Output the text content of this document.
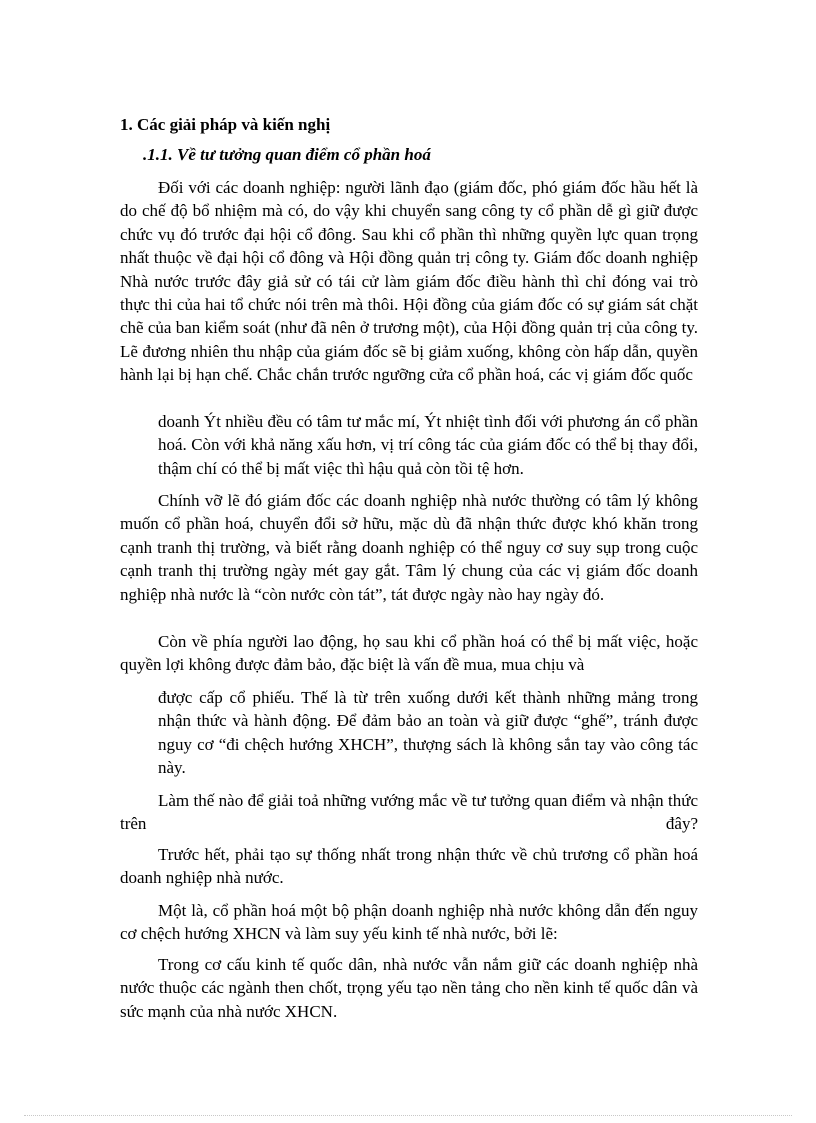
1. Các giải pháp và kiến nghị
.1.1. Về tư tưởng quan điểm cổ phần hoá

Đối với các doanh nghiệp: người lãnh đạo (giám đốc, phó giám đốc hầu hết là do chế độ bổ nhiệm mà có, do vậy khi chuyển sang công ty cổ phần dễ gì giữ được chức vụ đó trước đại hội cổ đông. Sau khi cổ phần thì những quyền lực quan trọng nhất thuộc về đại hội cổ đông và Hội đồng quản trị công ty. Giám đốc doanh nghiệp Nhà nước trước đây giả sử có tái cử làm giám đốc điều hành thì chỉ đóng vai trò thực thi của hai tổ chức nói trên mà thôi. Hội đồng của giám đốc có sự giám sát chặt chẽ của ban kiểm soát (như đã nên ở trương một), của Hội đồng quản trị của công ty. Lẽ đương nhiên thu nhập của giám đốc sẽ bị giảm xuống, không còn hấp dẫn, quyền hành lại bị hạn chế. Chắc chắn trước ngưỡng cửa cổ phần hoá, các vị giám đốc quốc

doanh Ýt nhiều đều có tâm tư mắc mí, Ýt nhiệt tình đối với phương án cổ phần hoá. Còn với khả năng xấu hơn, vị trí công tác của giám đốc có thể bị thay đổi, thậm chí có thể bị mất việc thì hậu quả còn tồi tệ hơn.

Chính vỡ lẽ đó giám đốc các doanh nghiệp nhà nước thường có tâm lý không muốn cổ phần hoá, chuyển đổi sở hữu, mặc dù đã nhận thức được khó khăn trong cạnh tranh thị trường, và biết rằng doanh nghiệp có thể nguy cơ suy sụp trong cuộc cạnh tranh thị trường ngày mét gay gắt. Tâm lý chung của các vị giám đốc doanh nghiệp nhà nước là “còn nước còn tát”, tát được ngày nào hay ngày đó.

Còn về phía người lao động, họ sau khi cổ phần hoá có thể bị mất việc, hoặc quyền lợi không được đảm bảo, đặc biệt là vấn đề mua, mua chịu và

được cấp cổ phiếu. Thế là từ trên xuống dưới kết thành những mảng trong nhận thức và hành động. Để đảm bảo an toàn và giữ được “ghế”, tránh được nguy cơ “đi chệch hướng XHCH”, thượng sách là không sắn tay vào công tác này.

Làm thế nào để giải toả những vướng mắc về tư tưởng quan điểm và nhận thức trên đây?

Trước hết, phải tạo sự thống nhất trong nhận thức về chủ trương cổ phần hoá doanh nghiệp nhà nước.

Một là, cổ phần hoá một bộ phận doanh nghiệp nhà nước không dẫn đến nguy cơ chệch hướng XHCN và làm suy yếu kinh tế nhà nước, bởi lẽ:

Trong cơ cấu kinh tế quốc dân, nhà nước vẫn nắm giữ các doanh nghiệp nhà nước thuộc các ngành then chốt, trọng yếu tạo nền tảng cho nền kinh tế quốc dân và sức mạnh của nhà nước XHCN.
